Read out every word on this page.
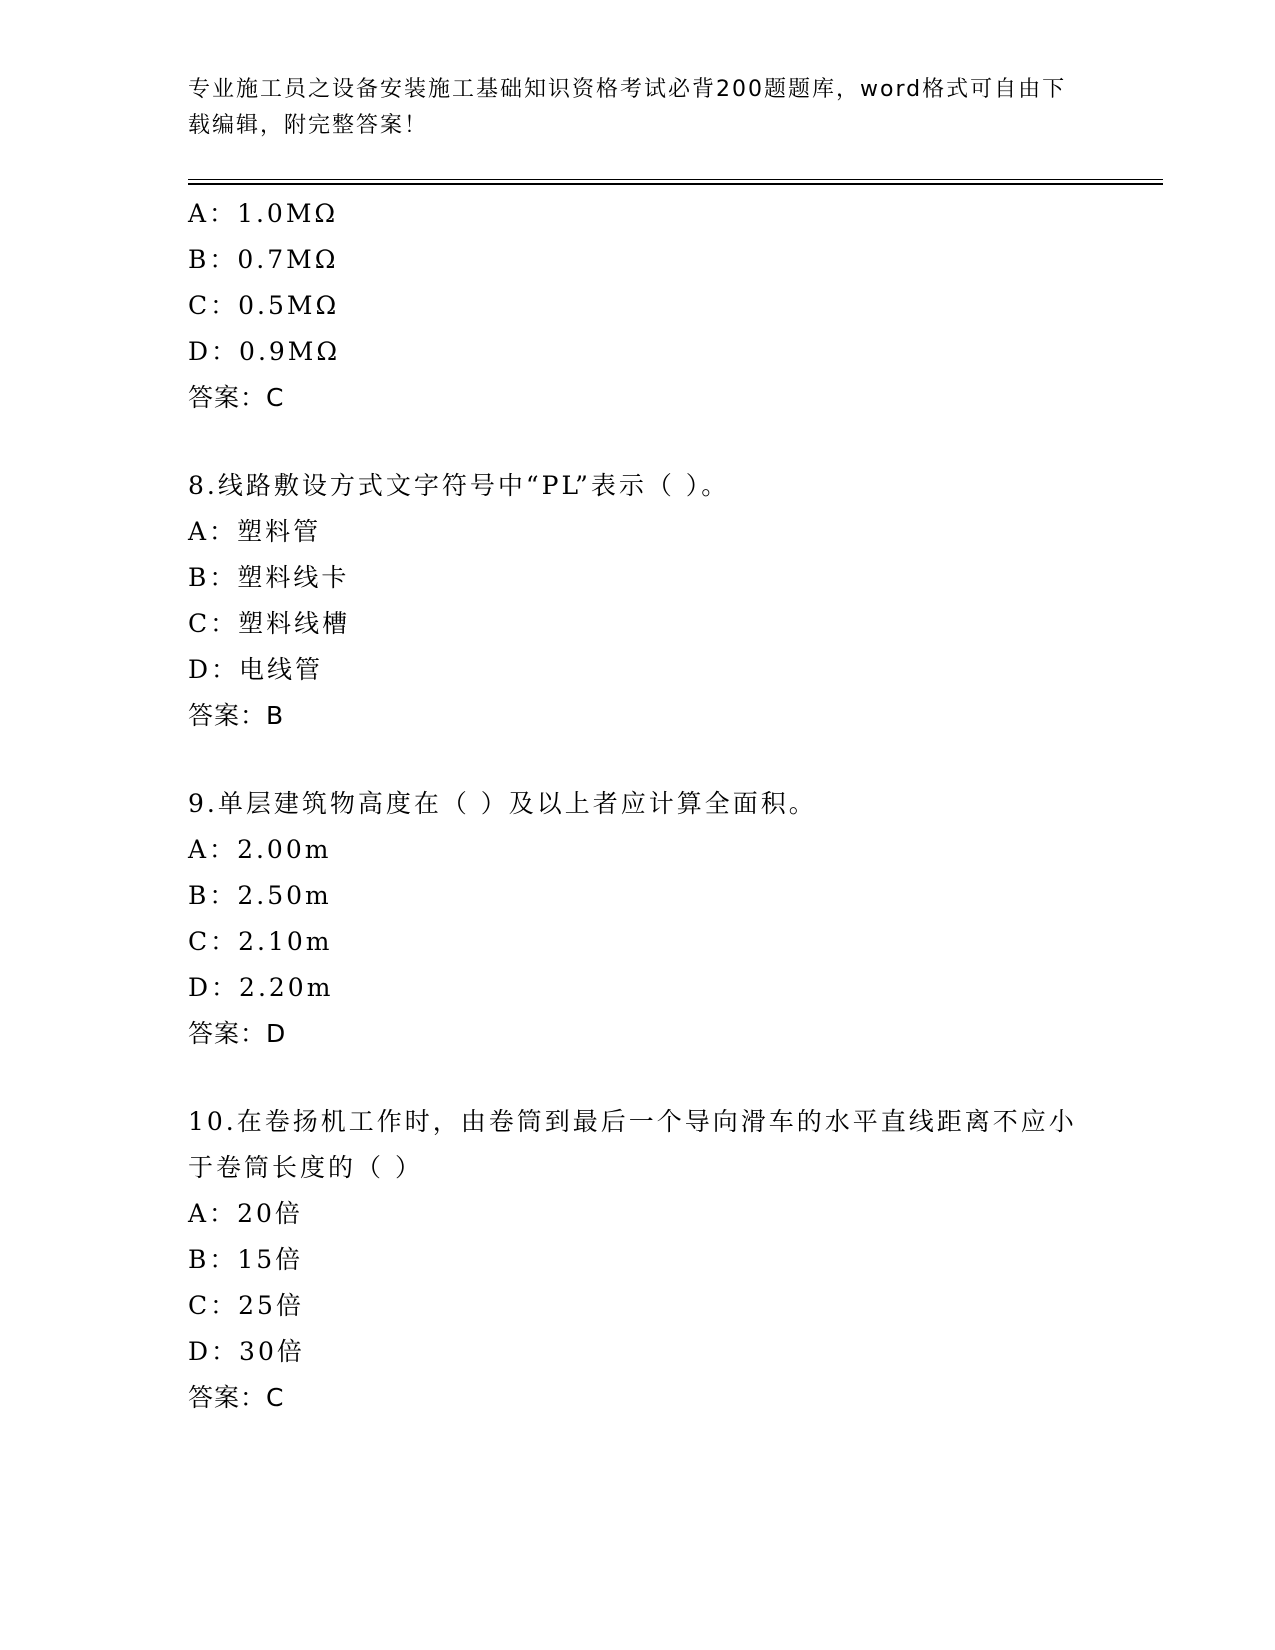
专业施工员之设备安装施工基础知识资格考试必背200题题库，word格式可自由下载编辑，附完整答案！
A：1.0MΩ
B：0.7MΩ
C：0.5MΩ
D：0.9MΩ
答案：C
8.线路敷设方式文字符号中“PL”表示（ ）。
A：塑料管
B：塑料线卡
C：塑料线槽
D：电线管
答案：B
9.单层建筑物高度在（ ）及以上者应计算全面积。
A：2.00m
B：2.50m
C：2.10m
D：2.20m
答案：D
10.在卷扬机工作时，由卷筒到最后一个导向滑车的水平直线距离不应小于卷筒长度的（ ）
A：20倍
B：15倍
C：25倍
D：30倍
答案：C
